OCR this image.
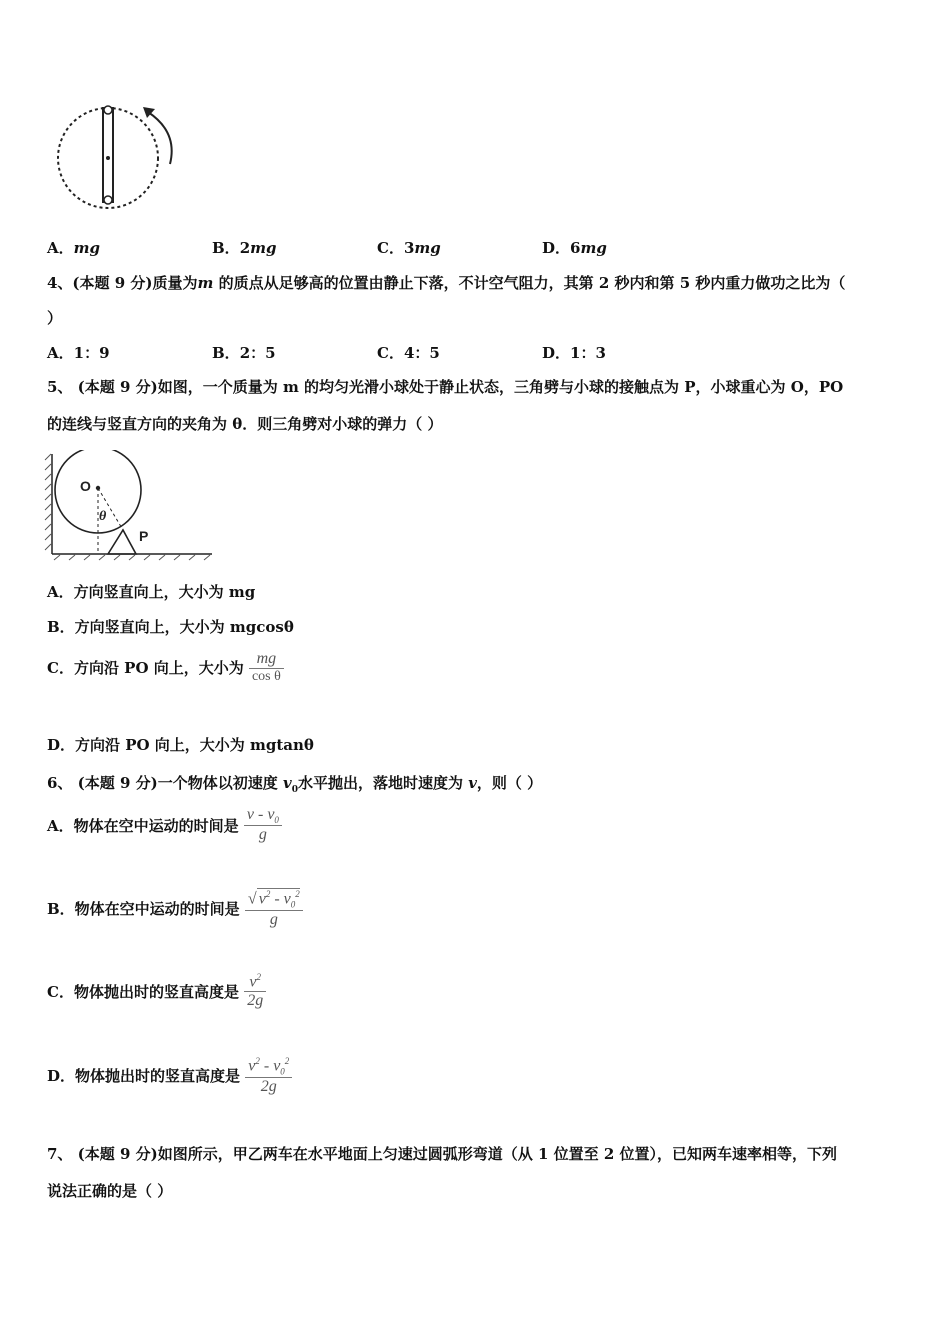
A．mg	B．2mg	C．3mg	D．6mg
4、(本题 9 分)质量为m 的质点从足够高的位置由静止下落，不计空气阻力，其第 2 秒内和第 5 秒内重力做功之比为（
）
A．1：9	B．2：5	C．4：5	D．1：3
5、 (本题 9 分)如图，一个质量为 m 的均匀光滑小球处于静止状态，三角劈与小球的接触点为 P，小球重心为 O，PO
的连线与竖直方向的夹角为 θ．则三角劈对小球的弹力（ ）
O
θ
P
A．方向竖直向上，大小为 mg
B．方向竖直向上，大小为 mgcosθ
C．方向沿 PO 向上，大小为 $\frac{mg}{\text{cos θ}}$
D．方向沿 PO 向上，大小为 mgtanθ
6、 (本题 9 分)一个物体以初速度 $v_0$水平抛出，落地时速度为 v，则（ ）
A．物体在空中运动的时间是 $\frac{v - v_0}{g}$
B．物体在空中运动的时间是 $\frac{√ v^2 - v_0^2}{g}$
C．物体抛出时的竖直高度是 $\frac{v^2}{2g}$
D．物体抛出时的竖直高度是 $\frac{v^2 - v_0^2}{2g}$
7、 (本题 9 分)如图所示，甲乙两车在水平地面上匀速过圆弧形弯道（从 1 位置至 2 位置），已知两车速率相等，下列
说法正确的是（ ）
